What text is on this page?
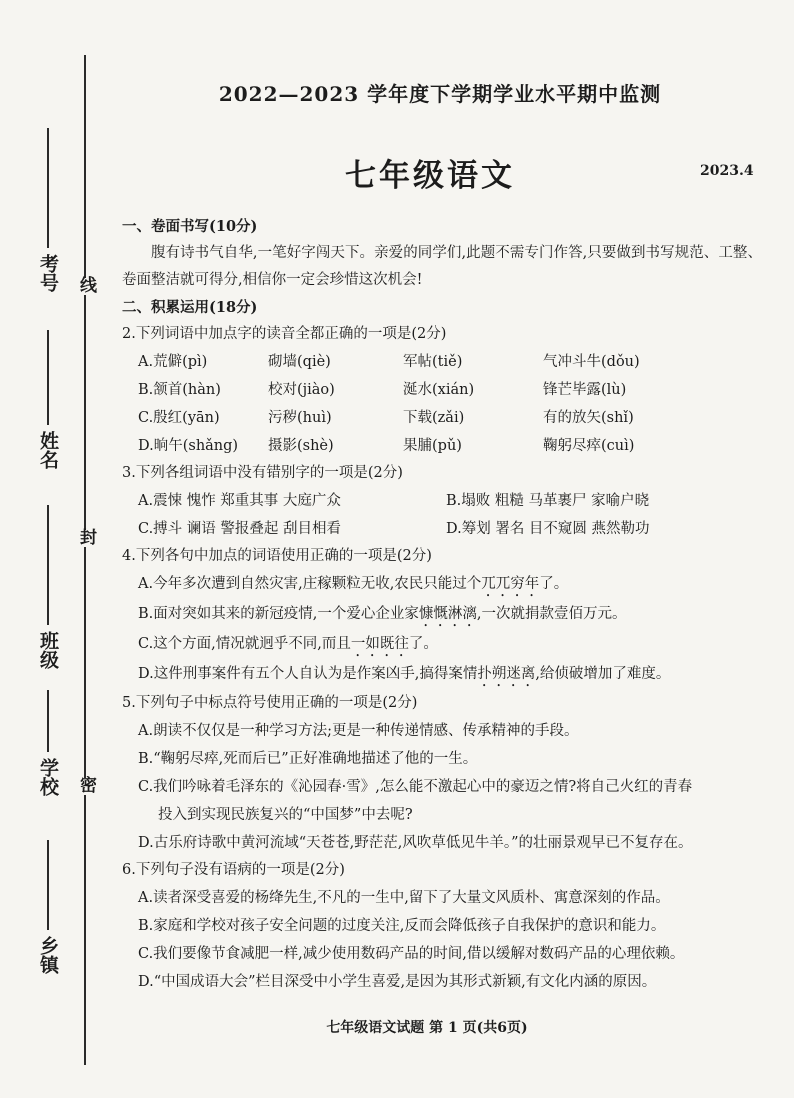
线
封
密
考号
姓名
班级
学校
乡镇
2022—2023 学年度下学期学业水平期中监测
七年级语文	2023.4

一、卷面书写(10分)

腹有诗书气自华,一笔好字闯天下。亲爱的同学们,此题不需专门作答,只要做到书写规范、工整、卷面整洁就可得分,相信你一定会珍惜这次机会!

二、积累运用(18分)

2.下列词语中加点字的读音全都正确的一项是(2分)

A.荒僻(pì)	砌墙(qiè)	军帖(tiě)	气冲斗牛(dǒu)
B.颔首(hàn)	校对(jiào)	涎水(xián)	锋芒毕露(lù)
C.殷红(yān)	污秽(huì)	下载(zǎi)	有的放矢(shǐ)
D.晌午(shǎng)	摄影(shè)	果脯(pǔ)	鞠躬尽瘁(cuì)

3.下列各组词语中没有错别字的一项是(2分)

A.震悚 愧怍 郑重其事 大庭广众	B.塌败 粗糙 马革裹尸 家喻户晓
C.搏斗 谰语 警报叠起 刮目相看	D.筹划 署名 目不窥圆 燕然勒功

4.下列各句中加点的词语使用正确的一项是(2分)

A.今年多次遭到自然灾害,庄稼颗粒无收,农民只能过个兀兀穷年了。

B.面对突如其来的新冠疫情,一个爱心企业家慷慨淋漓,一次就捐款壹佰万元。

C.这个方面,情况就迥乎不同,而且一如既往了。

D.这件刑事案件有五个人自认为是作案凶手,搞得案情扑朔迷离,给侦破增加了难度。

5.下列句子中标点符号使用正确的一项是(2分)

A.朗读不仅仅是一种学习方法;更是一种传递情感、传承精神的手段。

B.“鞠躬尽瘁,死而后已”正好准确地描述了他的一生。

C.我们吟咏着毛泽东的《沁园春·雪》,怎么能不激起心中的豪迈之情?将自己火红的青春

投入到实现民族复兴的“中国梦”中去呢?

D.古乐府诗歌中黄河流域“天苍苍,野茫茫,风吹草低见牛羊。”的壮丽景观早已不复存在。

6.下列句子没有语病的一项是(2分)

A.读者深受喜爱的杨绛先生,不凡的一生中,留下了大量文风质朴、寓意深刻的作品。

B.家庭和学校对孩子安全问题的过度关注,反而会降低孩子自我保护的意识和能力。

C.我们要像节食减肥一样,减少使用数码产品的时间,借以缓解对数码产品的心理依赖。

D.“中国成语大会”栏目深受中小学生喜爱,是因为其形式新颖,有文化内涵的原因。

七年级语文试题 第 1 页(共6页)
